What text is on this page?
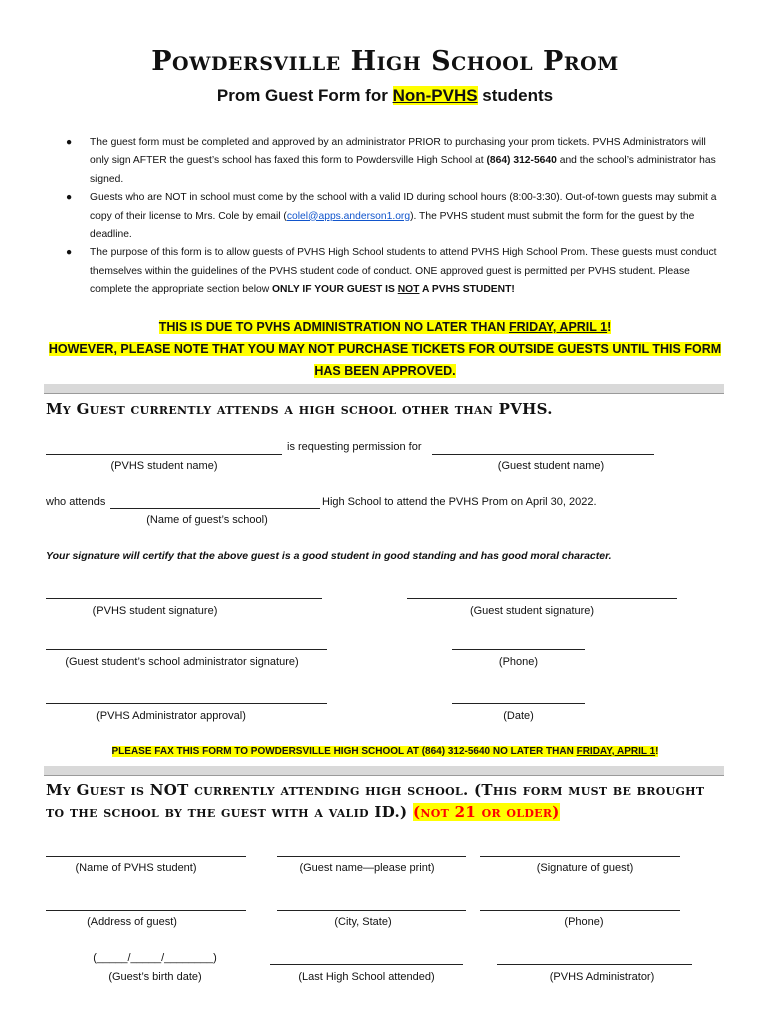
Powdersville High School Prom
Prom Guest Form for Non-PVHS students
● The guest form must be completed and approved by an administrator PRIOR to purchasing your prom tickets. PVHS Administrators will only sign AFTER the guest’s school has faxed this form to Powdersville High School at (864) 312-5640 and the school’s administrator has signed.
● Guests who are NOT in school must come by the school with a valid ID during school hours (8:00-3:30). Out-of-town guests may submit a copy of their license to Mrs. Cole by email (colel@apps.anderson1.org). The PVHS student must submit the form for the guest by the deadline.
● The purpose of this form is to allow guests of PVHS High School students to attend PVHS High School Prom. These guests must conduct themselves within the guidelines of the PVHS student code of conduct. ONE approved guest is permitted per PVHS student. Please complete the appropriate section below ONLY IF YOUR GUEST IS NOT A PVHS STUDENT!
THIS IS DUE TO PVHS ADMINISTRATION NO LATER THAN FRIDAY, APRIL 1!
HOWEVER, PLEASE NOTE THAT YOU MAY NOT PURCHASE TICKETS FOR OUTSIDE GUESTS UNTIL THIS FORM
HAS BEEN APPROVED.
My Guest currently attends a high school other than PVHS.
is requesting permission for
(PVHS student name)	(Guest student name)
who attends	High School to attend the PVHS Prom on April 30, 2022.
(Name of guest’s school)
Your signature will certify that the above guest is a good student in good standing and has good moral character.
(PVHS student signature)	(Guest student signature)
(Guest student’s school administrator signature)	(Phone)
(PVHS Administrator approval)	(Date)
PLEASE FAX THIS FORM TO POWDERSVILLE HIGH SCHOOL AT (864) 312-5640 NO LATER THAN FRIDAY, APRIL 1!
My Guest is NOT currently attending high school. (This form must be brought
to the school by the guest with a valid ID.) (not 21 or older)
(Name of PVHS student)	(Guest name—please print)	(Signature of guest)
(Address of guest)	(City, State)	(Phone)
(_____/_____/________)
(Guest’s birth date)	(Last High School attended)	(PVHS Administrator)
